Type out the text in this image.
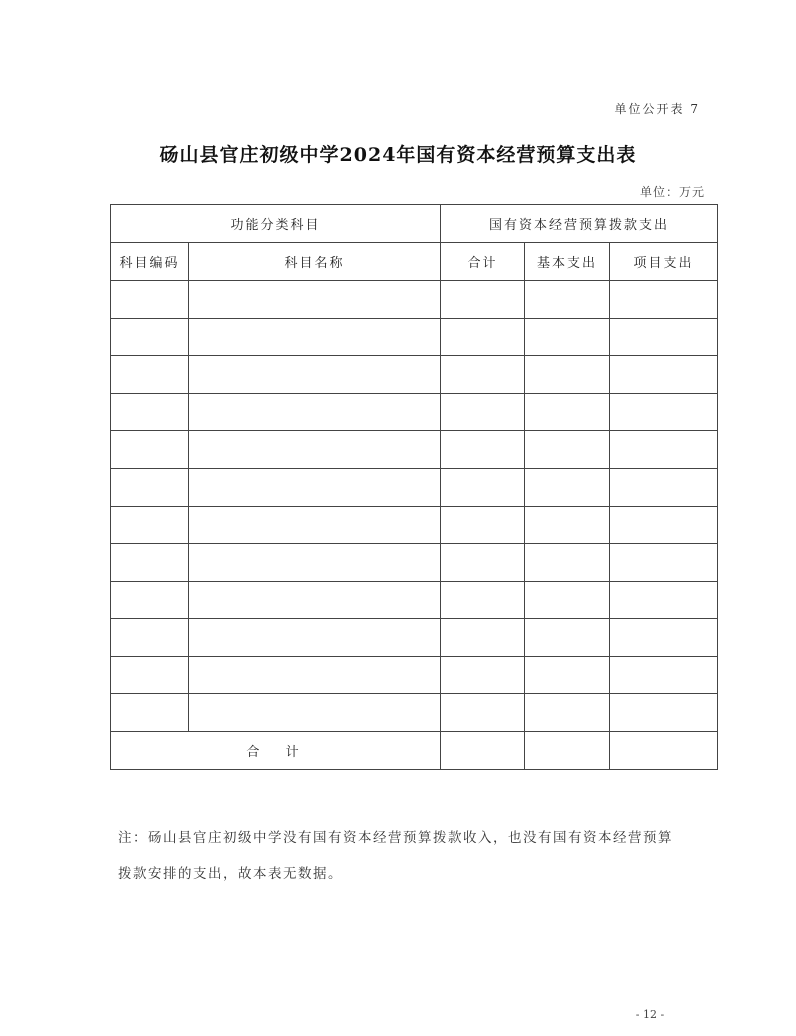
单位公开表 7
砀山县官庄初级中学2024年国有资本经营预算支出表
单位：万元
功能分类科目		国有资本经营预算拨款支出		
科目编码	科目名称	合计	基本支出	项目支出

合  计				
注：砀山县官庄初级中学没有国有资本经营预算拨款收入，也没有国有资本经营预算
拨款安排的支出，故本表无数据。
- 12 -
